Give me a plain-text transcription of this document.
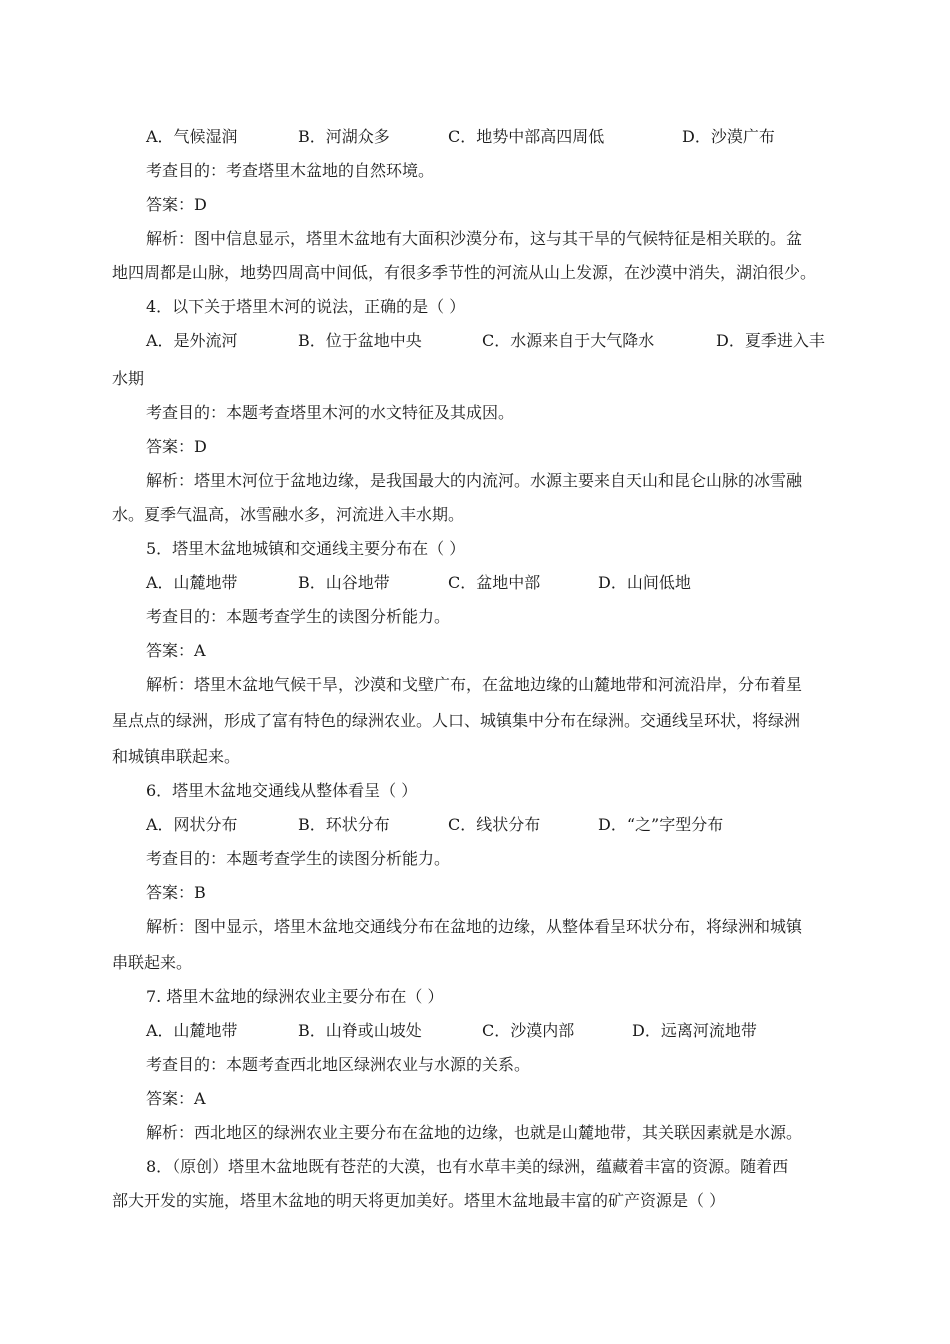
A．气候湿润	B．河湖众多	C．地势中部高四周低	D．沙漠广布
考查目的：考查塔里木盆地的自然环境。
答案：D
解析：图中信息显示，塔里木盆地有大面积沙漠分布，这与其干旱的气候特征是相关联的。盆
地四周都是山脉，地势四周高中间低，有很多季节性的河流从山上发源，在沙漠中消失，湖泊很少。
4．以下关于塔里木河的说法，正确的是（ ）
A．是外流河	B．位于盆地中央	C．水源来自于大气降水	D．夏季进入丰
水期
考查目的：本题考查塔里木河的水文特征及其成因。
答案：D
解析：塔里木河位于盆地边缘，是我国最大的内流河。水源主要来自天山和昆仑山脉的冰雪融
水。夏季气温高，冰雪融水多，河流进入丰水期。
5．塔里木盆地城镇和交通线主要分布在（ ）
A．山麓地带	B．山谷地带	C．盆地中部	D．山间低地
考查目的：本题考查学生的读图分析能力。
答案：A
解析：塔里木盆地气候干旱，沙漠和戈壁广布，在盆地边缘的山麓地带和河流沿岸，分布着星
星点点的绿洲，形成了富有特色的绿洲农业。人口、城镇集中分布在绿洲。交通线呈环状，将绿洲
和城镇串联起来。
6．塔里木盆地交通线从整体看呈（ ）
A．网状分布	B．环状分布	C．线状分布	D．“之”字型分布
考查目的：本题考查学生的读图分析能力。
答案：B
解析：图中显示，塔里木盆地交通线分布在盆地的边缘，从整体看呈环状分布，将绿洲和城镇
串联起来。
7. 塔里木盆地的绿洲农业主要分布在（ ）
A．山麓地带	B．山脊或山坡处	C．沙漠内部	D．远离河流地带
考查目的：本题考查西北地区绿洲农业与水源的关系。
答案：A
解析：西北地区的绿洲农业主要分布在盆地的边缘，也就是山麓地带，其关联因素就是水源。
8．（原创）塔里木盆地既有苍茫的大漠，也有水草丰美的绿洲，蕴藏着丰富的资源。随着西
部大开发的实施，塔里木盆地的明天将更加美好。塔里木盆地最丰富的矿产资源是（ ）
